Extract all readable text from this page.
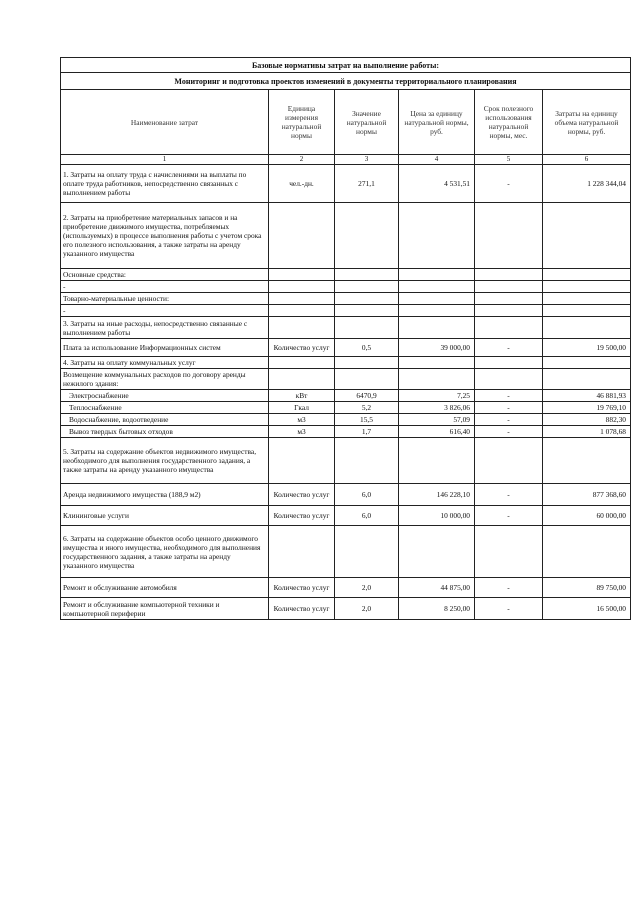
Базовые нормативы затрат на выполнение работы:					
Мониторинг и подготовка проектов изменений в документы территориального планирования					
Наименование затрат	Единица измерения натуральной нормы	Значение натуральной нормы	Цена за единицу натуральной нормы, руб.	Срок полезного использования натуральной нормы, мес.	Затраты на единицу объема натуральной нормы, руб.
1	2	3	4	5	6
1. Затраты на оплату труда с начислениями на выплаты по оплате труда работников, непосредственно связанных с выполнением работы	чел.-дн.	271,1	4 531,51	-	1 228 344,04
2. Затраты на приобретение материальных запасов и на приобретение движимого имущества, потребляемых (используемых) в процессе выполнения работы с учетом срока его полезного использования, а также затраты на аренду указанного имущества					
Основные средства:					
-					
Товарно-материальные ценности:					
-					
3. Затраты на иные расходы, непосредственно связанные с выполнением работы					
Плата за использование Информационных систем	Количество услуг	0,5	39 000,00	-	19 500,00
4. Затраты на оплату коммунальных услуг					
Возмещение коммунальных расходов по договору аренды нежилого здания:					
Электроснабжение	кВт	6470,9	7,25	-	46 881,93
Теплоснабжение	Гкал	5,2	3 826,06	-	19 769,10
Водоснабжение, водоотведение	м3	15,5	57,09	-	882,30
Вывоз твердых бытовых отходов	м3	1,7	616,40	-	1 078,68
5. Затраты на содержание объектов недвижимого имущества, необходимого для выполнения государственного задания, а также затраты на аренду указанного имущества					
Аренда недвижимого имущества (188,9 м2)	Количество услуг	6,0	146 228,10	-	877 368,60
Клининговые услуги	Количество услуг	6,0	10 000,00	-	60 000,00
6. Затраты на содержание объектов особо ценного движимого имущества и иного имущества, необходимого для выполнения государственного задания, а также затраты на аренду указанного имущества					
Ремонт и обслуживание автомобиля	Количество услуг	2,0	44 875,00	-	89 750,00
Ремонт и обслуживание компьютерной техники и компьютерной периферии	Количество услуг	2,0	8 250,00	-	16 500,00
